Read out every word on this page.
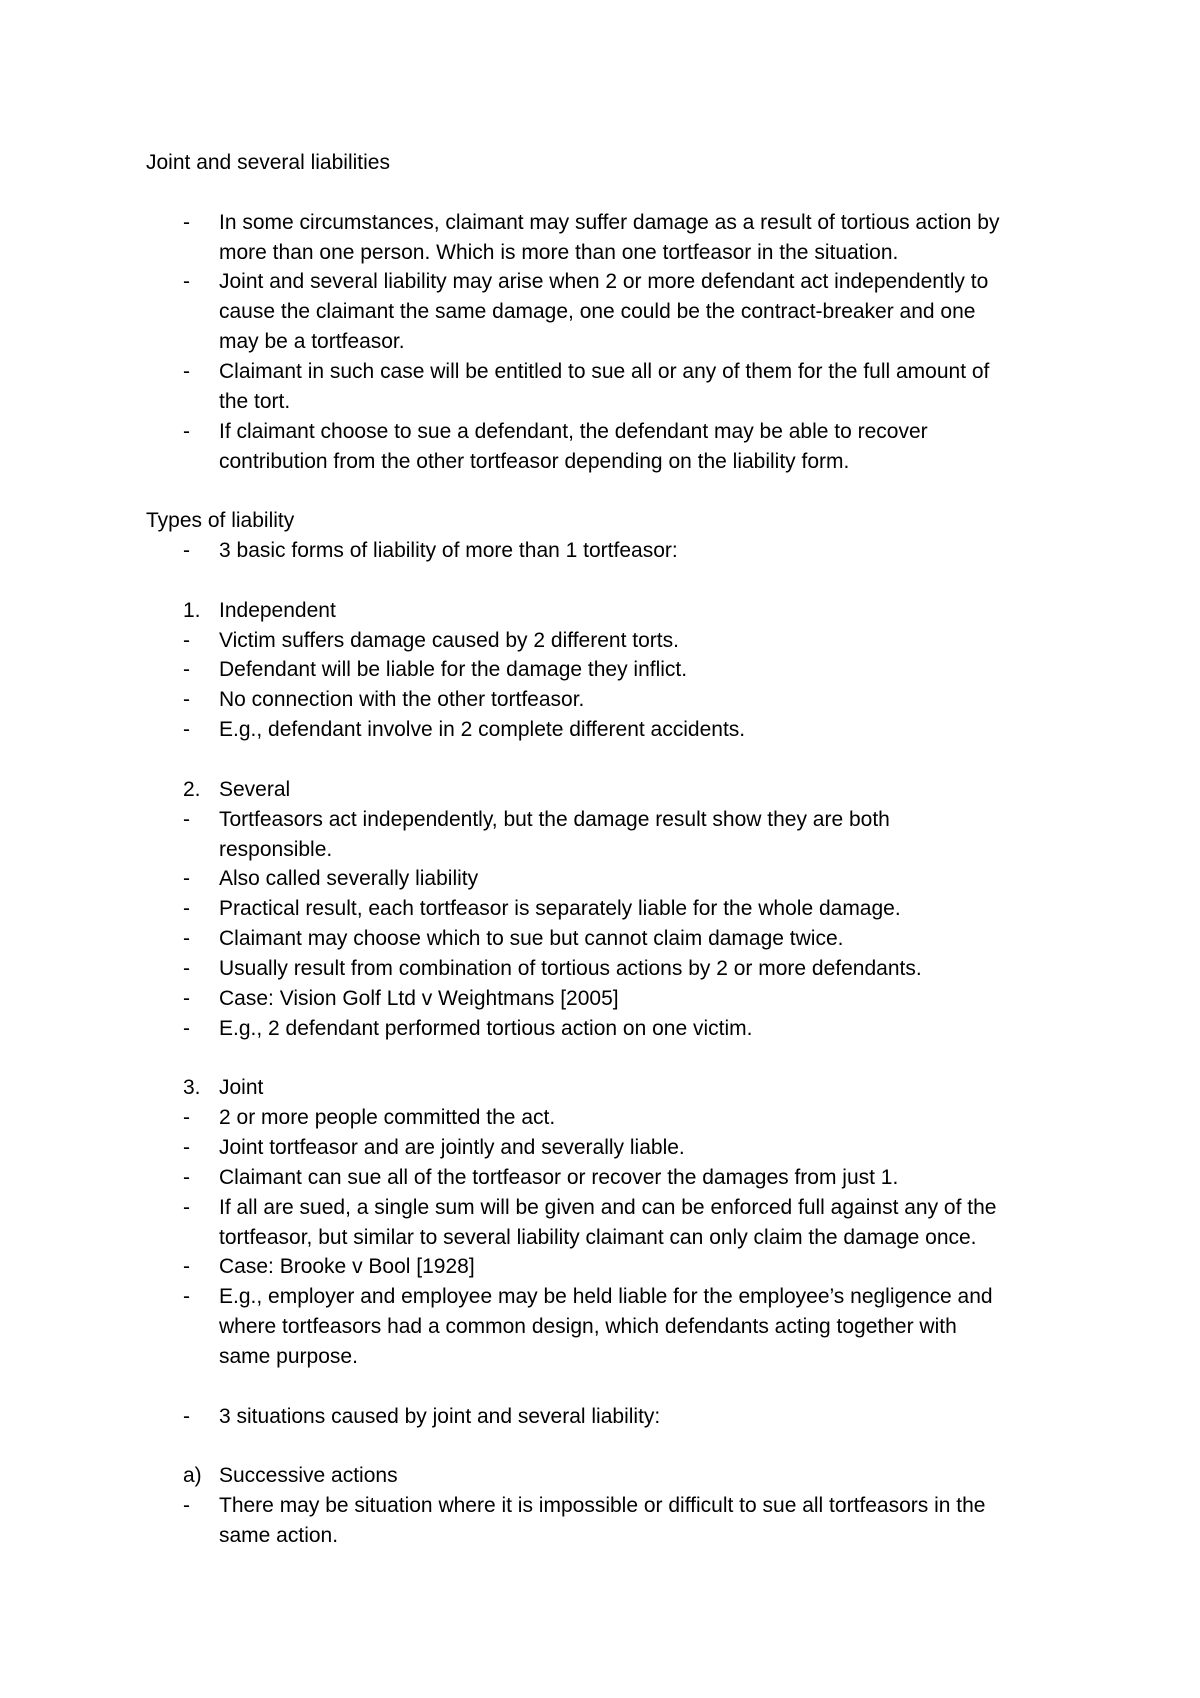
Joint and several liabilities
-	In some circumstances, claimant may suffer damage as a result of tortious action by
more than one person. Which is more than one tortfeasor in the situation.
-	Joint and several liability may arise when 2 or more defendant act independently to
cause the claimant the same damage, one could be the contract-breaker and one
may be a tortfeasor.
-	Claimant in such case will be entitled to sue all or any of them for the full amount of
the tort.
-	If claimant choose to sue a defendant, the defendant may be able to recover
contribution from the other tortfeasor depending on the liability form.
Types of liability
-	3 basic forms of liability of more than 1 tortfeasor:
1. Independent
-	Victim suffers damage caused by 2 different torts.
-	Defendant will be liable for the damage they inflict.
-	No connection with the other tortfeasor.
-	E.g., defendant involve in 2 complete different accidents.
2. Several
-	Tortfeasors act independently, but the damage result show they are both
responsible.
-	Also called severally liability
-	Practical result, each tortfeasor is separately liable for the whole damage.
-	Claimant may choose which to sue but cannot claim damage twice.
-	Usually result from combination of tortious actions by 2 or more defendants.
-	Case: Vision Golf Ltd v Weightmans [2005]
-	E.g., 2 defendant performed tortious action on one victim.
3. Joint
-	2 or more people committed the act.
-	Joint tortfeasor and are jointly and severally liable.
-	Claimant can sue all of the tortfeasor or recover the damages from just 1.
-	If all are sued, a single sum will be given and can be enforced full against any of the
tortfeasor, but similar to several liability claimant can only claim the damage once.
-	Case: Brooke v Bool [1928]
-	E.g., employer and employee may be held liable for the employee’s negligence and
where tortfeasors had a common design, which defendants acting together with
same purpose.
-	3 situations caused by joint and several liability:
a) Successive actions
-	There may be situation where it is impossible or difficult to sue all tortfeasors in the
same action.
